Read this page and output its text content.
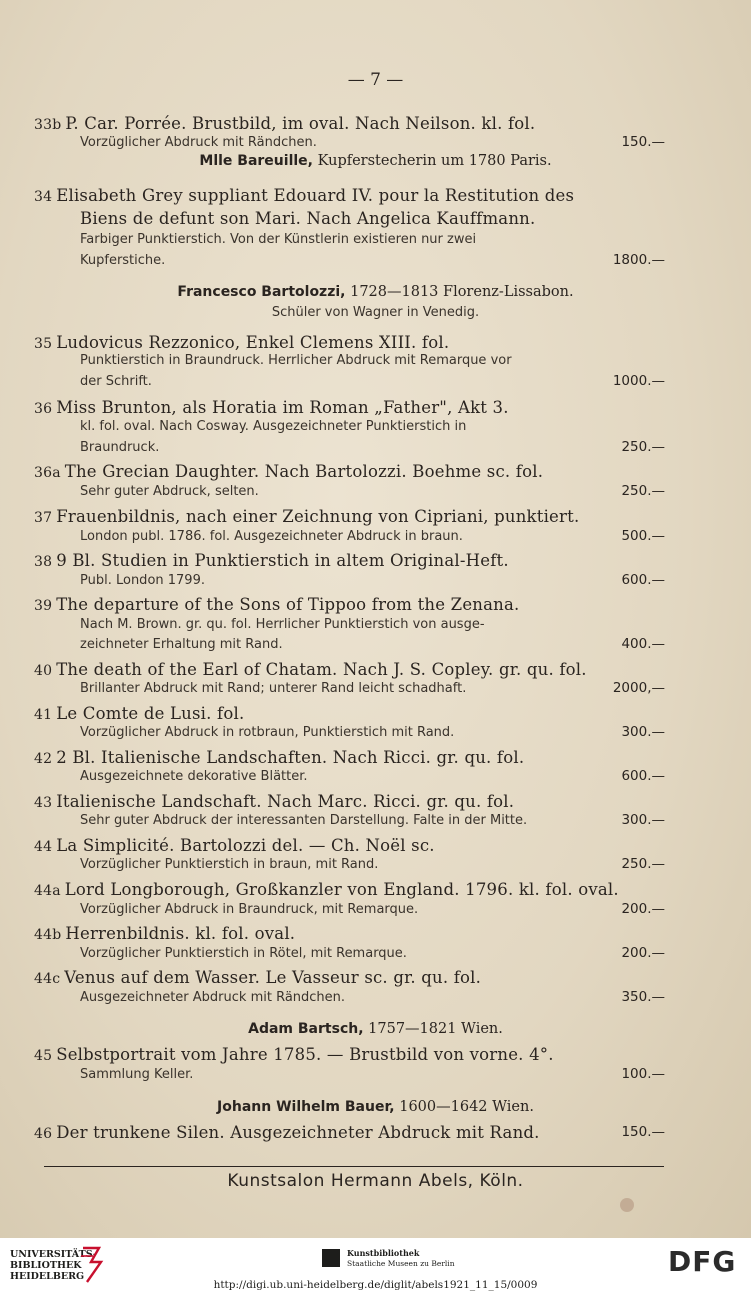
— 7 —
Mlle Bareuille, Kupferstecherin um 1780 Paris.
Francesco Bartolozzi, 1728—1813 Florenz-Lissabon.
Schüler von Wagner in Venedig.
Adam Bartsch, 1757—1821 Wien.
Johann Wilhelm Bauer, 1600—1642 Wien.
33b P. Car. Porrée. Brustbild, im oval. Nach Neilson. kl. fol.
Vorzüglicher Abdruck mit Rändchen.	150.—
34 Elisabeth Grey suppliant Edouard IV. pour la Restitution des
Biens de defunt son Mari. Nach Angelica Kauffmann.
Farbiger Punktierstich. Von der Künstlerin existieren nur zwei
Kupferstiche.	1800.—
35 Ludovicus Rezzonico, Enkel Clemens XIII. fol.
Punktierstich in Braundruck. Herrlicher Abdruck mit Remarque vor
der Schrift.	1000.—
36 Miss Brunton, als Horatia im Roman „Father", Akt 3.
kl. fol. oval. Nach Cosway. Ausgezeichneter Punktierstich in
Braundruck.	250.—
36a The Grecian Daughter. Nach Bartolozzi. Boehme sc. fol.
Sehr guter Abdruck, selten.	250.—
37 Frauenbildnis, nach einer Zeichnung von Cipriani, punktiert.
London publ. 1786. fol. Ausgezeichneter Abdruck in braun.	500.—
38 9 Bl. Studien in Punktierstich in altem Original-Heft.
Publ. London 1799.	600.—
39 The departure of the Sons of Tippoo from the Zenana.
Nach M. Brown. gr. qu. fol. Herrlicher Punktierstich von ausge-
zeichneter Erhaltung mit Rand.	400.—
40 The death of the Earl of Chatam. Nach J. S. Copley. gr. qu. fol.
Brillanter Abdruck mit Rand; unterer Rand leicht schadhaft.	2000,—
41 Le Comte de Lusi. fol.
Vorzüglicher Abdruck in rotbraun, Punktierstich mit Rand.	300.—
42 2 Bl. Italienische Landschaften. Nach Ricci. gr. qu. fol.
Ausgezeichnete dekorative Blätter.	600.—
43 Italienische Landschaft. Nach Marc. Ricci. gr. qu. fol.
Sehr guter Abdruck der interessanten Darstellung. Falte in der Mitte.	300.—
44 La Simplicité. Bartolozzi del. — Ch. Noël sc.
Vorzüglicher Punktierstich in braun, mit Rand.	250.—
44a Lord Longborough, Großkanzler von England. 1796. kl. fol. oval.
Vorzüglicher Abdruck in Braundruck, mit Remarque.	200.—
44b Herrenbildnis. kl. fol. oval.
Vorzüglicher Punktierstich in Rötel, mit Remarque.	200.—
44c Venus auf dem Wasser. Le Vasseur sc. gr. qu. fol.
Ausgezeichneter Abdruck mit Rändchen.	350.—
45 Selbstportrait vom Jahre 1785. — Brustbild von vorne. 4°.
Sammlung Keller.	100.—
46 Der trunkene Silen. Ausgezeichneter Abdruck mit Rand.	150.—
Kunstsalon Hermann Abels, Köln.
UNIVERSITÄTS-
BIBLIOTHEK
HEIDELBERG
Kunstbibliothek
Staatliche Museen zu Berlin	DFG
http://digi.ub.uni-heidelberg.de/diglit/abels1921_11_15/0009
